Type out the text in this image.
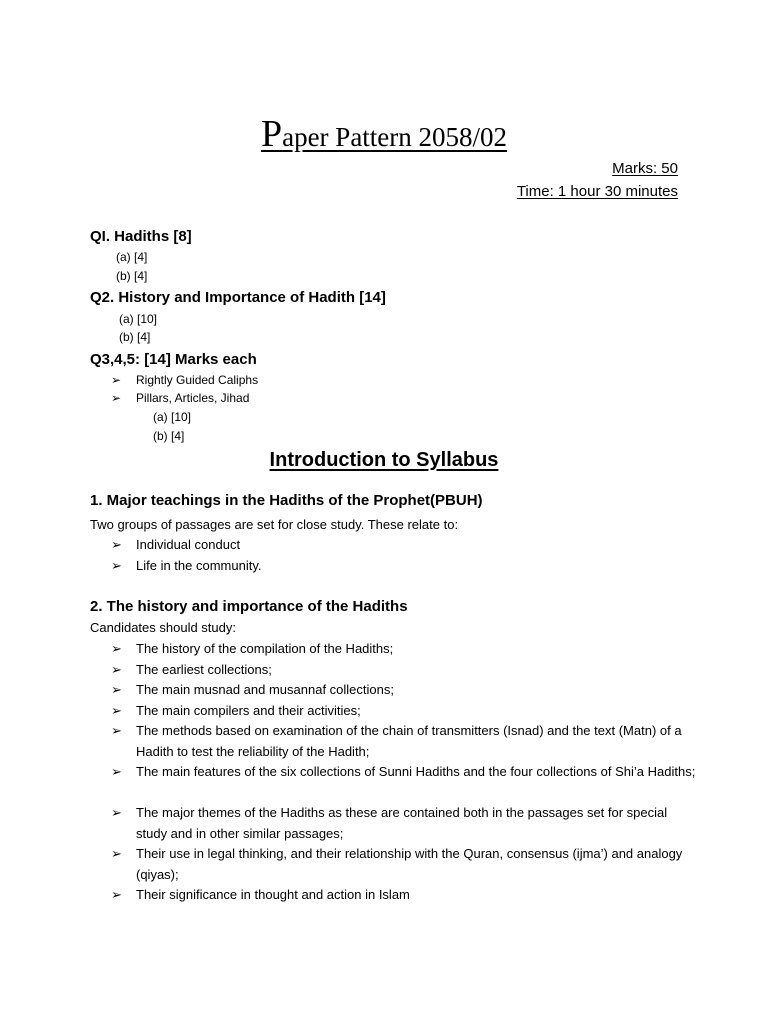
Paper Pattern 2058/02
Marks: 50
Time: 1 hour 30 minutes
QI. Hadiths [8]
(a) [4]
(b) [4]
Q2. History and Importance of Hadith [14]
(a) [10]
(b) [4]
Q3,4,5: [14] Marks each
➢ Rightly Guided Caliphs
➢ Pillars, Articles, Jihad
(a) [10]
(b) [4]
Introduction to Syllabus
1. Major teachings in the Hadiths of the Prophet(PBUH)
Two groups of passages are set for close study. These relate to:
➢ Individual conduct
➢ Life in the community.
2. The history and importance of the Hadiths
Candidates should study:
➢ The history of the compilation of the Hadiths;
➢ The earliest collections;
➢ The main musnad and musannaf collections;
➢ The main compilers and their activities;
➢ The methods based on examination of the chain of transmitters (Isnad) and the text (Matn) of a Hadith to test the reliability of the Hadith;
➢ The main features of the six collections of Sunni Hadiths and the four collections of Shi’a Hadiths;
➢ The major themes of the Hadiths as these are contained both in the passages set for special study and in other similar passages;
➢ Their use in legal thinking, and their relationship with the Quran, consensus (ijma’) and analogy (qiyas);
➢ Their significance in thought and action in Islam
